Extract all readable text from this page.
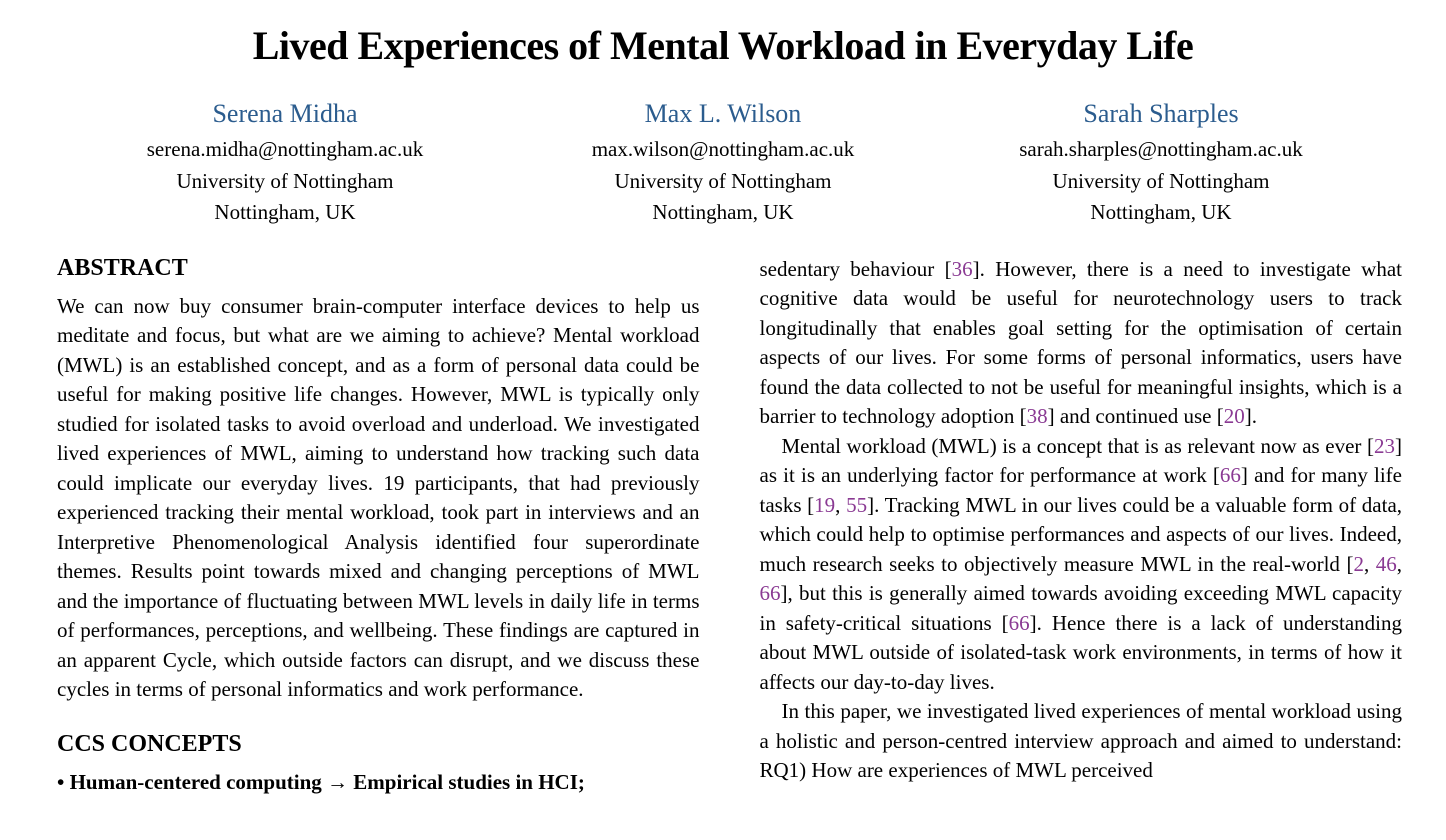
Lived Experiences of Mental Workload in Everyday Life
Serena Midha
serena.midha@nottingham.ac.uk
University of Nottingham
Nottingham, UK
Max L. Wilson
max.wilson@nottingham.ac.uk
University of Nottingham
Nottingham, UK
Sarah Sharples
sarah.sharples@nottingham.ac.uk
University of Nottingham
Nottingham, UK
ABSTRACT

We can now buy consumer brain-computer interface devices to help us meditate and focus, but what are we aiming to achieve? Mental workload (MWL) is an established concept, and as a form of personal data could be useful for making positive life changes. However, MWL is typically only studied for isolated tasks to avoid overload and underload. We investigated lived experiences of MWL, aiming to understand how tracking such data could implicate our everyday lives. 19 participants, that had previously experienced tracking their mental workload, took part in interviews and an Interpretive Phenomenological Analysis identified four superordinate themes. Results point towards mixed and changing perceptions of MWL and the importance of fluctuating between MWL levels in daily life in terms of performances, perceptions, and wellbeing. These findings are captured in an apparent Cycle, which outside factors can disrupt, and we discuss these cycles in terms of personal informatics and work performance.

CCS CONCEPTS

• Human-centered computing → Empirical studies in HCI;

sedentary behaviour [36]. However, there is a need to investigate what cognitive data would be useful for neurotechnology users to track longitudinally that enables goal setting for the optimisation of certain aspects of our lives. For some forms of personal informatics, users have found the data collected to not be useful for meaningful insights, which is a barrier to technology adoption [38] and continued use [20].

Mental workload (MWL) is a concept that is as relevant now as ever [23] as it is an underlying factor for performance at work [66] and for many life tasks [19, 55]. Tracking MWL in our lives could be a valuable form of data, which could help to optimise performances and aspects of our lives. Indeed, much research seeks to objectively measure MWL in the real-world [2, 46, 66], but this is generally aimed towards avoiding exceeding MWL capacity in safety-critical situations [66]. Hence there is a lack of understanding about MWL outside of isolated-task work environments, in terms of how it affects our day-to-day lives.

In this paper, we investigated lived experiences of mental workload using a holistic and person-centred interview approach and aimed to understand: RQ1) How are experiences of MWL perceived
